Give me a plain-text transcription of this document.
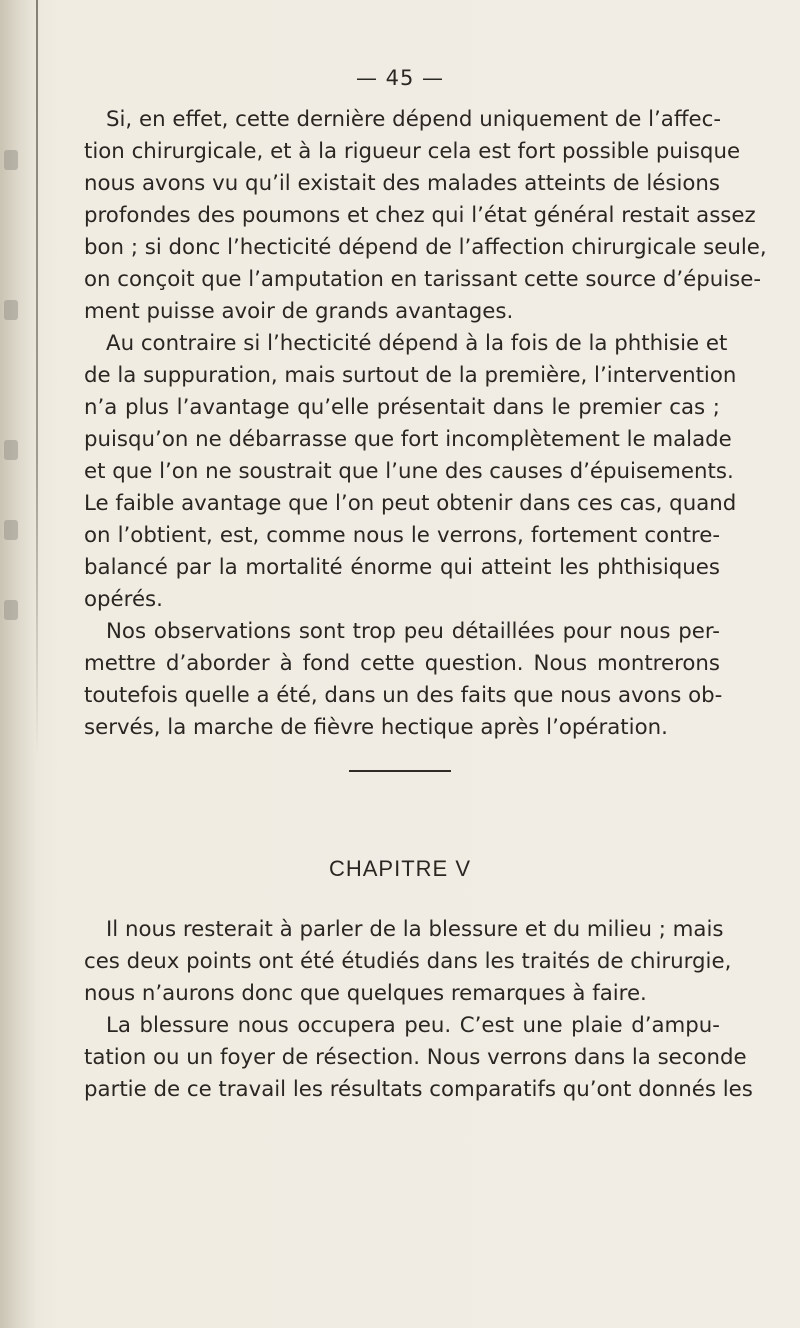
— 45 —
Si, en effet, cette dernière dépend uniquement de l’affec-
tion chirurgicale, et à la rigueur cela est fort possible puisque
nous avons vu qu’il existait des malades atteints de lésions
profondes des poumons et chez qui l’état général restait assez
bon ; si donc l’hecticité dépend de l’affection chirurgicale seule,
on conçoit que l’amputation en tarissant cette source d’épuise-
ment puisse avoir de grands avantages.
Au contraire si l’hecticité dépend à la fois de la phthisie et
de la suppuration, mais surtout de la première, l’intervention
n’a plus l’avantage qu’elle présentait dans le premier cas ;
puisqu’on ne débarrasse que fort incomplètement le malade
et que l’on ne soustrait que l’une des causes d’épuisements.
Le faible avantage que l’on peut obtenir dans ces cas, quand
on l’obtient, est, comme nous le verrons, fortement contre-
balancé par la mortalité énorme qui atteint les phthisiques
opérés.
Nos observations sont trop peu détaillées pour nous per-
mettre d’aborder à fond cette question. Nous montrerons
toutefois quelle a été, dans un des faits que nous avons ob-
servés, la marche de fièvre hectique après l’opération.
CHAPITRE V
Il nous resterait à parler de la blessure et du milieu ; mais
ces deux points ont été étudiés dans les traités de chirurgie,
nous n’aurons donc que quelques remarques à faire.
La blessure nous occupera peu. C’est une plaie d’ampu-
tation ou un foyer de résection. Nous verrons dans la seconde
partie de ce travail les résultats comparatifs qu’ont donnés les
